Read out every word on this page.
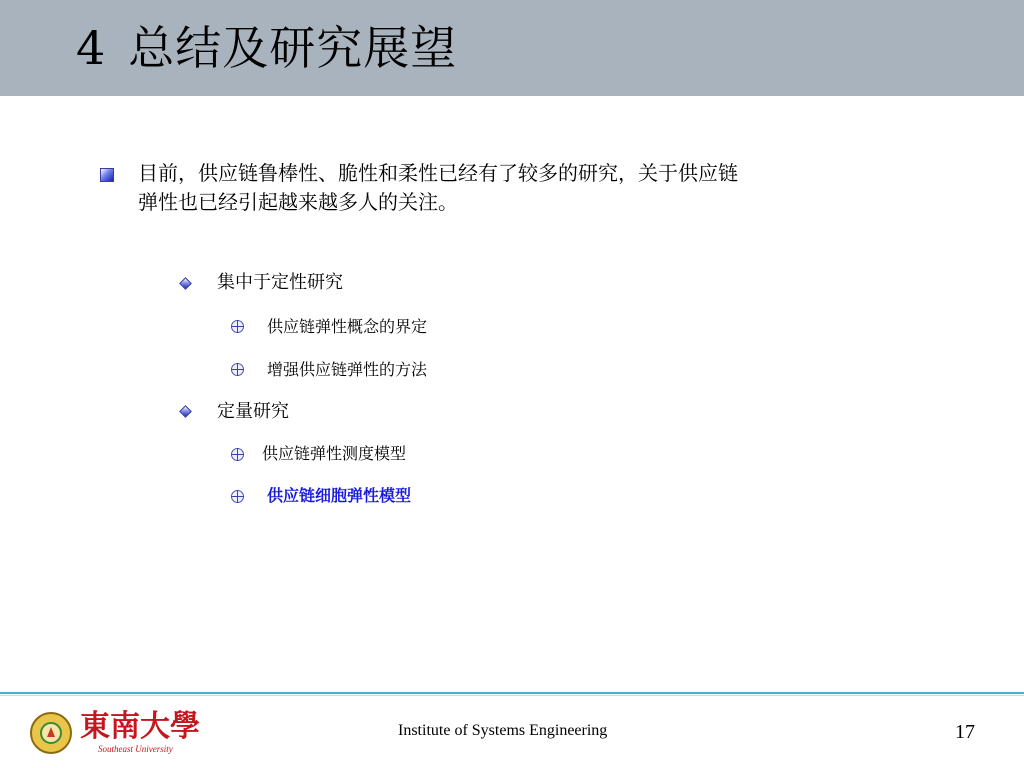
4 总结及研究展望
目前，供应链鲁棒性、脆性和柔性已经有了较多的研究，关于供应链
弹性也已经引起越来越多人的关注。
集中于定性研究
供应链弹性概念的界定
增强供应链弹性的方法
定量研究
供应链弹性测度模型
供应链细胞弹性模型
東南大學
Southeast University
Institute of Systems Engineering	17
